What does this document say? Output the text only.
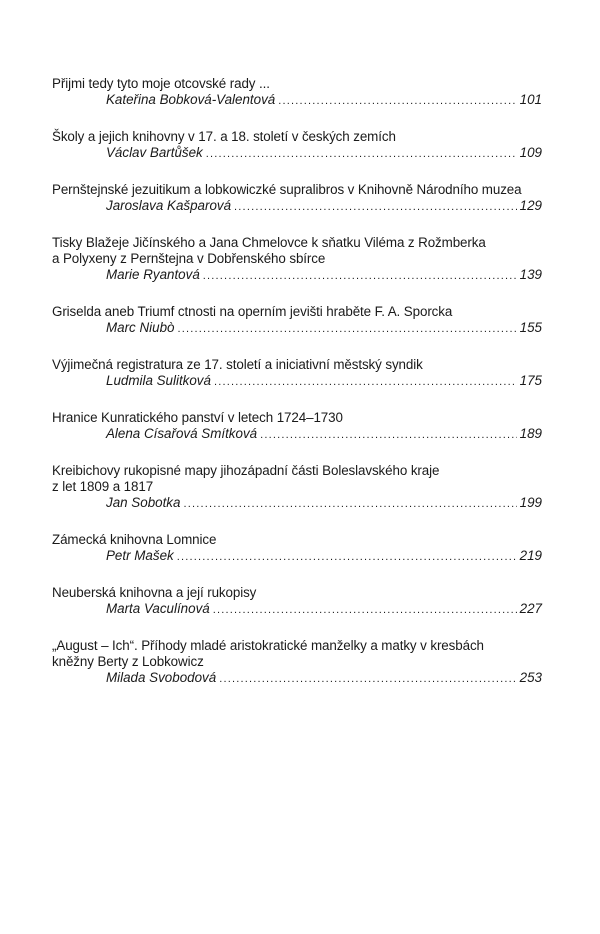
Přijmi tedy tyto moje otcovské rady ...
Kateřina Bobková-Valentová .....	101
Školy a jejich knihovny v 17. a 18. století v českých zemích
Václav Bartůšek .....	109
Pernštejnské jezuitikum a lobkowiczké supralibros v Knihovně Národního muzea
Jaroslava Kašparová .....	129
Tisky Blažeje Jičínského a Jana Chmelovce k sňatku Viléma z Rožmberka
a Polyxeny z Pernštejna v Dobřenského sbírce
Marie Ryantová .....	139
Griselda aneb Triumf ctnosti na operním jevišti hraběte F. A. Sporcka
Marc Niubò .....	155
Výjimečná registratura ze 17. století a iniciativní městský syndik
Ludmila Sulitková .....	175
Hranice Kunratického panství v letech 1724–1730
Alena Císařová Smítková .....	189
Kreibichovy rukopisné mapy jihozápadní části Boleslavského kraje
z let 1809 a 1817
Jan Sobotka .....	199
Zámecká knihovna Lomnice
Petr Mašek .....	219
Neuberská knihovna a její rukopisy
Marta Vaculínová .....	227
„August – Ich“. Příhody mladé aristokratické manželky a matky v kresbách
kněžny Berty z Lobkowicz
Milada Svobodová .....	253
